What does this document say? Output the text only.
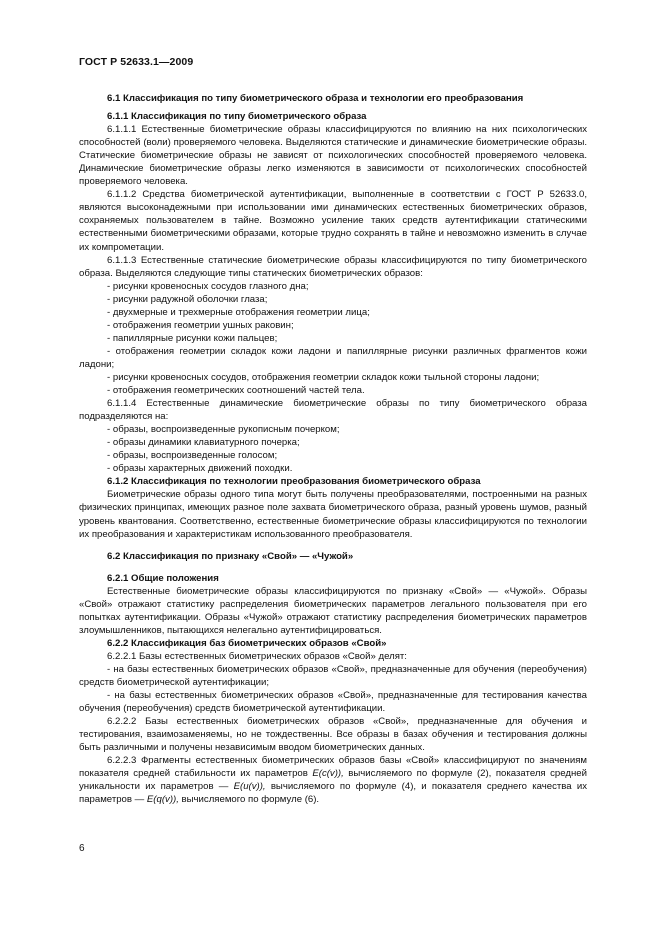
ГОСТ Р 52633.1—2009

6.1 Классификация по типу биометрического образа и технологии его преобразования

6.1.1 Классификация по типу биометрического образа

6.1.1.1 Естественные биометрические образы классифицируются по влиянию на них психологических способностей (воли) проверяемого человека. Выделяются статические и динамические биометрические образы. Статические биометрические образы не зависят от психологических способностей проверяемого человека. Динамические биометрические образы легко изменяются в зависимости от психологических способностей проверяемого человека.

6.1.1.2 Средства биометрической аутентификации, выполненные в соответствии с ГОСТ Р 52633.0, являются высоконадежными при использовании ими динамических естественных биометрических образов, сохраняемых пользователем в тайне. Возможно усиление таких средств аутентификации статическими естественными биометрическими образами, которые трудно сохранять в тайне и невозможно изменить в случае их компрометации.

6.1.1.3 Естественные статические биометрические образы классифицируются по типу биометрического образа. Выделяются следующие типы статических биометрических образов:

- рисунки кровеносных сосудов глазного дна;

- рисунки радужной оболочки глаза;

- двухмерные и трехмерные отображения геометрии лица;

- отображения геометрии ушных раковин;

- папиллярные рисунки кожи пальцев;

- отображения геометрии складок кожи ладони и папиллярные рисунки различных фрагментов кожи ладони;

- рисунки кровеносных сосудов, отображения геометрии складок кожи тыльной стороны ладони;

- отображения геометрических соотношений частей тела.

6.1.1.4 Естественные динамические биометрические образы по типу биометрического образа подразделяются на:

- образы, воспроизведенные рукописным почерком;

- образы динамики клавиатурного почерка;

- образы, воспроизведенные голосом;

- образы характерных движений походки.

6.1.2 Классификация по технологии преобразования биометрического образа

Биометрические образы одного типа могут быть получены преобразователями, построенными на разных физических принципах, имеющих разное поле захвата биометрического образа, разный уровень шумов, разный уровень квантования. Соответственно, естественные биометрические образы классифицируются по технологии их преобразования и характеристикам использованного преобразователя.

6.2 Классификация по признаку «Свой» — «Чужой»

6.2.1 Общие положения

Естественные биометрические образы классифицируются по признаку «Свой» — «Чужой». Образы «Свой» отражают статистику распределения биометрических параметров легального пользователя при его попытках аутентификации. Образы «Чужой» отражают статистику распределения биометрических параметров злоумышленников, пытающихся нелегально аутентифицироваться.

6.2.2 Классификация баз биометрических образов «Свой»

6.2.2.1 Базы естественных биометрических образов «Свой» делят:

- на базы естественных биометрических образов «Свой», предназначенные для обучения (переобучения) средств биометрической аутентификации;

- на базы естественных биометрических образов «Свой», предназначенные для тестирования качества обучения (переобучения) средств биометрической аутентификации.

6.2.2.2 Базы естественных биометрических образов «Свой», предназначенные для обучения и тестирования, взаимозаменяемы, но не тождественны. Все образы в базах обучения и тестирования должны быть различными и получены независимым вводом биометрических данных.

6.2.2.3 Фрагменты естественных биометрических образов базы «Свой» классифицируют по значениям показателя средней стабильности их параметров E(c(v)), вычисляемого по формуле (2), показателя средней уникальности их параметров — E(u(v)), вычисляемого по формуле (4), и показателя среднего качества их параметров — E(q(v)), вычисляемого по формуле (6).

6
